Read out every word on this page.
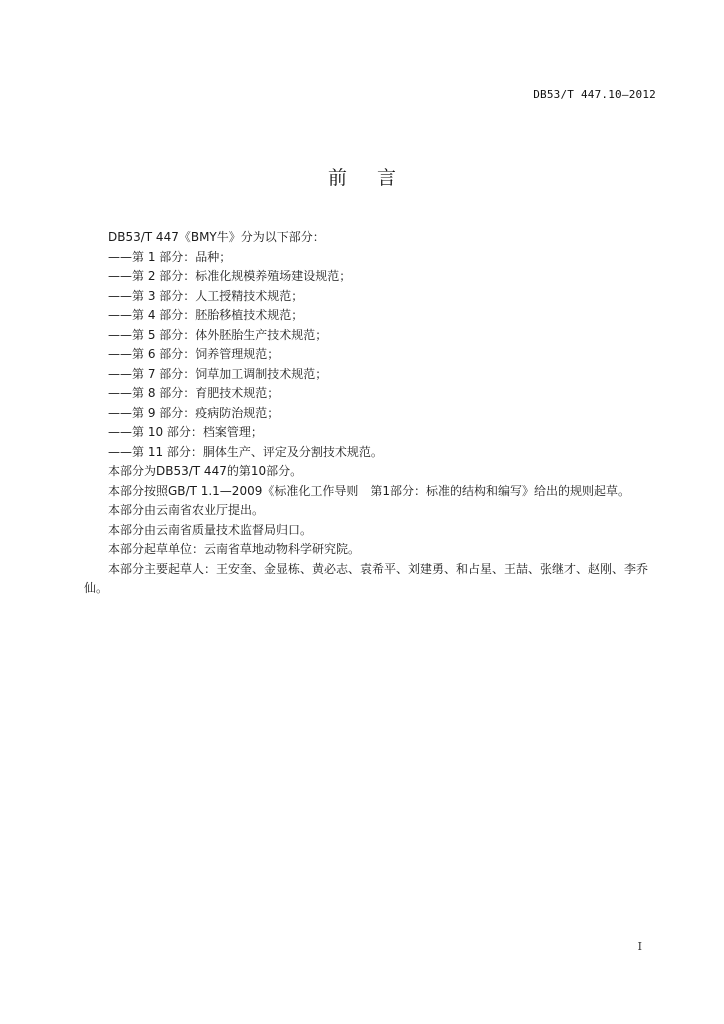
DB53/T 447.10—2012
前言

DB53/T 447《BMY牛》分为以下部分：

——第 1 部分：品种；

——第 2 部分：标准化规模养殖场建设规范；

——第 3 部分：人工授精技术规范；

——第 4 部分：胚胎移植技术规范；

——第 5 部分：体外胚胎生产技术规范；

——第 6 部分：饲养管理规范；

——第 7 部分：饲草加工调制技术规范；

——第 8 部分：育肥技术规范；

——第 9 部分：疫病防治规范；

——第 10 部分：档案管理；

——第 11 部分：胴体生产、评定及分割技术规范。

本部分为DB53/T 447的第10部分。

本部分按照GB/T 1.1—2009《标准化工作导则　第1部分：标准的结构和编写》给出的规则起草。

本部分由云南省农业厅提出。

本部分由云南省质量技术监督局归口。

本部分起草单位：云南省草地动物科学研究院。

本部分主要起草人：王安奎、金显栋、黄必志、袁希平、刘建勇、和占星、王喆、张继才、赵刚、李乔仙。

I
